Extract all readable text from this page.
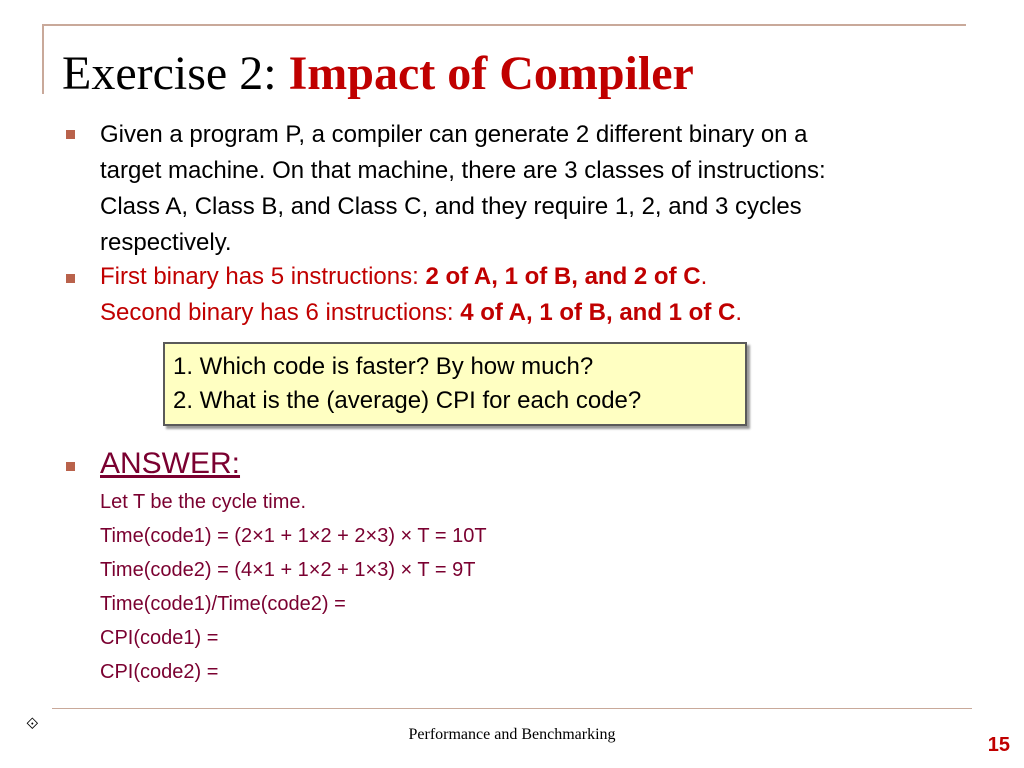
Exercise 2: Impact of Compiler
Given a program P, a compiler can generate 2 different binary on a
target machine. On that machine, there are 3 classes of instructions:
Class A, Class B, and Class C, and they require 1, 2, and 3 cycles
respectively.
First binary has 5 instructions: 2 of A, 1 of B, and 2 of C.
Second binary has 6 instructions: 4 of A, 1 of B, and 1 of C.
1. Which code is faster? By how much?
2. What is the (average) CPI for each code?
ANSWER:
Let T be the cycle time.
Time(code1) = (2×1 + 1×2 + 2×3) × T = 10T
Time(code2) = (4×1 + 1×2 + 1×3) × T = 9T
Time(code1)/Time(code2) =
CPI(code1) =
CPI(code2) =
⟐
Performance and Benchmarking	15
